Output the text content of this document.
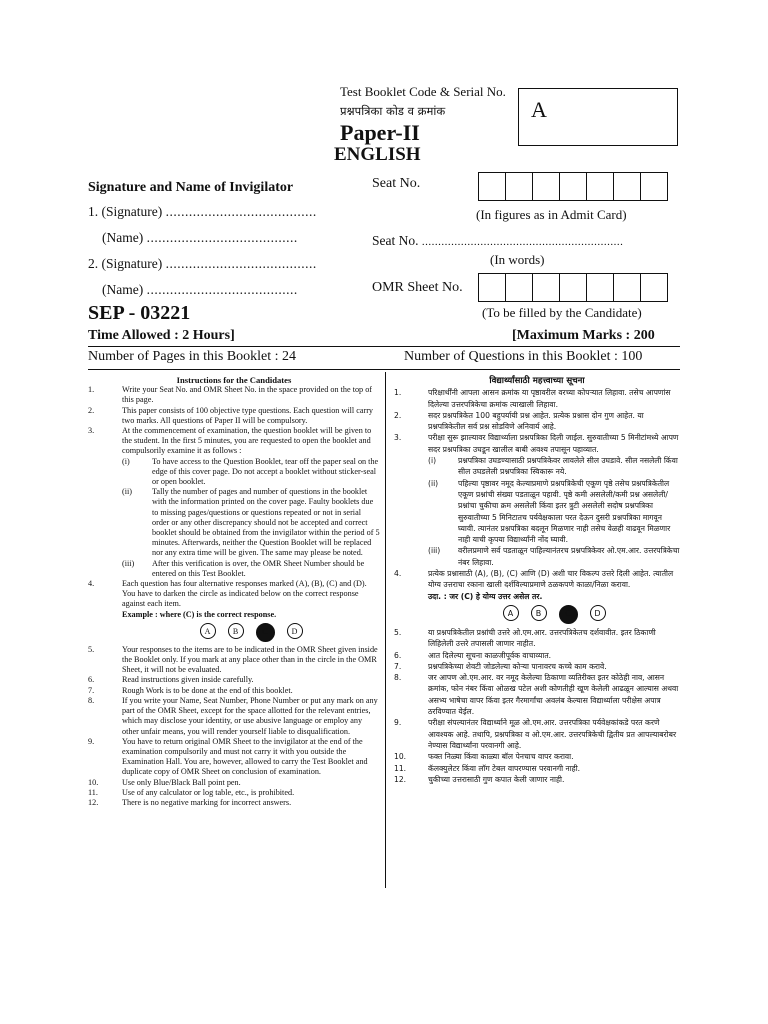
Test Booklet Code & Serial No.
प्रश्नपत्रिका कोड व क्रमांक	A
Paper-II
ENGLISH
Signature and Name of Invigilator
1. (Signature) .......................................
(Name) .......................................
2. (Signature) .......................................
(Name) .......................................
Seat No.
(In figures as in Admit Card)
Seat No. ..............................................................
(In words)
OMR Sheet No.
(To be filled by the Candidate)
SEP - 03221
Time Allowed : 2 Hours]	[Maximum Marks : 200
Number of Pages in this Booklet : 24	Number of Questions in this Booklet : 100
Instructions for the Candidates
1.	Write your Seat No. and OMR Sheet No. in the space provided on the top of this page.
2.	This paper consists of 100 objective type questions. Each question will carry two marks. All questions of Paper II will be compulsory.
3.	At the commencement of examination, the question booklet will be given to the student. In the first 5 minutes, you are requested to open the booklet and compulsorily examine it as follows :
(i)	To have access to the Question Booklet, tear off the paper seal on the edge of this cover page. Do not accept a booklet without sticker-seal or open booklet.
(ii) Tally the number of pages and number of questions in the booklet with the information printed on the cover page. Faulty booklets due to missing pages/questions or questions repeated or not in serial order or any other discrepancy should not be accepted and correct booklet should be obtained from the invigilator within the period of 5 minutes. Afterwards, neither the Question Booklet will be replaced nor any extra time will be given. The same may please be noted.
(iii) After this verification is over, the OMR Sheet Number should be entered on this Test Booklet.
4.	Each question has four alternative responses marked (A), (B), (C) and (D). You have to darken the circle as indicated below on the correct response against each item.
Example : where (C) is the correct response.
A	B	C	D
5.	Your responses to the items are to be indicated in the OMR Sheet given inside the Booklet only. If you mark at any place other than in the circle in the OMR Sheet, it will not be evaluated.
6.	Read instructions given inside carefully.
7.	Rough Work is to be done at the end of this booklet.
8.	If you write your Name, Seat Number, Phone Number or put any mark on any part of the OMR Sheet, except for the space allotted for the relevant entries, which may disclose your identity, or use abusive language or employ any other unfair means, you will render yourself liable to disqualification.
9.	You have to return original OMR Sheet to the invigilator at the end of the examination compulsorily and must not carry it with you outside the Examination Hall. You are, however, allowed to carry the Test Booklet and duplicate copy of OMR Sheet on conclusion of examination.
10.	Use only Blue/Black Ball point pen.
11.	Use of any calculator or log table, etc., is prohibited.
12.	There is no negative marking for incorrect answers.
विद्यार्थ्यांसाठी महत्त्वाच्या सूचना
1.	परिक्षार्थींनी आपला आसन क्रमांक या पृष्ठावरील वरच्या कोपऱ्यात लिहावा. तसेच आपणांस दिलेल्या उत्तरपत्रिकेचा क्रमांक त्याखाली लिहावा.
2.	सदर प्रश्नपत्रिकेत 100 बहुपर्यायी प्रश्न आहेत. प्रत्येक प्रश्नास दोन गुण आहेत. या प्रश्नपत्रिकेतील सर्व प्रश्न सोडविणे अनिवार्य आहे.
3.	परीक्षा सुरू झाल्यावर विद्यार्थ्याला प्रश्नपत्रिका दिली जाईल. सुरुवातीच्या 5 मिनीटांमध्ये आपण सदर प्रश्नपत्रिका उघडून खालील बाबी अवश्य तपासून पहाव्यात.
(i)	प्रश्नपत्रिका उघडण्यासाठी प्रश्नपत्रिकेवर लावलेले सील उघडावे. सील नसलेली किंवा सील उघडलेली प्रश्नपत्रिका स्विकारू नये.
(ii)	पहिल्या पृष्ठावर नमूद केल्याप्रमाणे प्रश्नपत्रिकेची एकूण पृष्ठे तसेच प्रश्नपत्रिकेतील एकूण प्रश्नांची संख्या पडताळून पहावी. पृष्ठे कमी असलेली/कमी प्रश्न असलेली/प्रश्नांचा चुकीचा क्रम असलेली किंवा इतर त्रुटी असलेली सदोष प्रश्नपत्रिका सुरुवातीच्या 5 मिनिटातच पर्यवेक्षकाला परत देऊन दुसरी प्रश्नपत्रिका मागवून घ्यावी. त्यानंतर प्रश्नपत्रिका बदलून मिळणार नाही तसेच वेळही वाढवून मिळणार नाही याची कृपया विद्यार्थ्यांनी नोंद घ्यावी.
(iii) वरीलप्रमाणे सर्व पडताळून पाहिल्यानंतरच प्रश्नपत्रिकेवर ओ.एम.आर. उत्तरपत्रिकेचा नंबर लिहावा.
4.	प्रत्येक प्रश्नासाठी (A), (B), (C) आणि (D) अशी चार विकल्प उत्तरे दिली आहेत. त्यातील योग्य उत्तराचा रकाना खाली दर्शविल्याप्रमाणे ठळकपणे काळा/निळा करावा.
उदा. : जर (C) हे योग्य उत्तर असेल तर.
A	B	C	D
5.	या प्रश्नपत्रिकेतील प्रश्नांची उत्तरे ओ.एम.आर. उत्तरपत्रिकेतच दर्शवावीत. इतर ठिकाणी लिहिलेली उत्तरे तपासली जाणार नाहीत.
6.	आत दिलेल्या सूचना काळजीपूर्वक वाचाव्यात.
7.	प्रश्नपत्रिकेच्या शेवटी जोडलेल्या कोऱ्या पानावरच कच्चे काम करावे.
8.	जर आपण ओ.एम.आर. वर नमूद केलेल्या ठिकाणा व्यतिरीक्त इतर कोठेही नाव, आसन क्रमांक, फोन नंबर किंवा ओळख पटेल अशी कोणतीही खूण केलेली आढळून आल्यास अथवा असभ्य भाषेचा वापर किंवा इतर गैरमार्गांचा अवलंब केल्यास विद्यार्थ्याला परीक्षेस अपात्र ठरविण्यात येईल.
9.	परीक्षा संपल्यानंतर विद्यार्थ्याने मूळ ओ.एम.आर. उत्तरपत्रिका पर्यवेक्षकांकडे परत करणे आवश्यक आहे. तथापि, प्रश्नपत्रिका व ओ.एम.आर. उत्तरपत्रिकेची द्वितीय प्रत आपल्याबरोबर नेण्यास विद्यार्थ्यांना परवानगी आहे.
10.	फक्त निळ्या किंवा काळ्या बॉल पेनचाच वापर करावा.
11.	कॅलक्युलेटर किंवा लॉग टेबल वापरण्यास परवानगी नाही.
12.	चुकीच्या उत्तरासाठी गुण कपात केली जाणार नाही.
